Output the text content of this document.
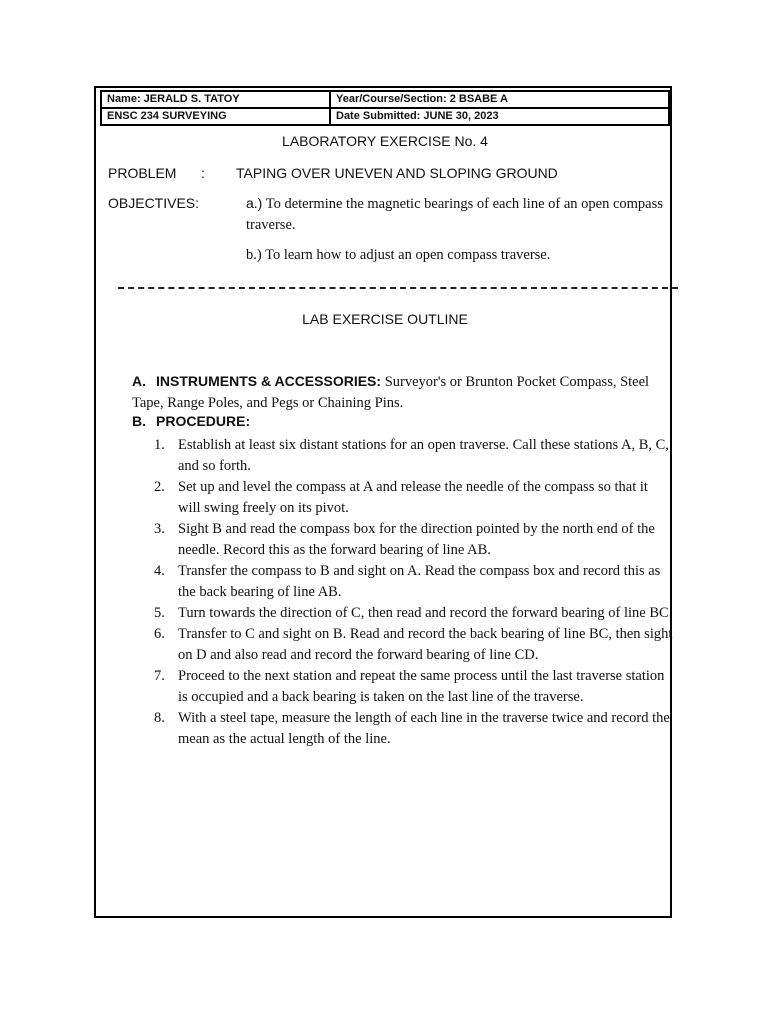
Name: JERALD S. TATOY	Year/Course/Section: 2 BSABE A
ENSC 234 SURVEYING	Date Submitted: JUNE 30, 2023
LABORATORY EXERCISE No. 4
PROBLEM : TAPING OVER UNEVEN AND SLOPING GROUND
OBJECTIVES:	a.) To determine the magnetic bearings of each line of an open compass traverse.

b.) To learn how to adjust an open compass traverse.

LAB EXERCISE OUTLINE
A. INSTRUMENTS & ACCESSORIES: Surveyor's or Brunton Pocket Compass, Steel Tape, Range Poles, and Pegs or Chaining Pins.
B. PROCEDURE:
1. Establish at least six distant stations for an open traverse. Call these stations A, B, C, and so forth.
2. Set up and level the compass at A and release the needle of the compass so that it will swing freely on its pivot.
3. Sight B and read the compass box for the direction pointed by the north end of the needle. Record this as the forward bearing of line AB.
4. Transfer the compass to B and sight on A. Read the compass box and record this as the back bearing of line AB.
5. Turn towards the direction of C, then read and record the forward bearing of line BC.
6. Transfer to C and sight on B. Read and record the back bearing of line BC, then sight on D and also read and record the forward bearing of line CD.
7. Proceed to the next station and repeat the same process until the last traverse station is occupied and a back bearing is taken on the last line of the traverse.
8. With a steel tape, measure the length of each line in the traverse twice and record the mean as the actual length of the line.
